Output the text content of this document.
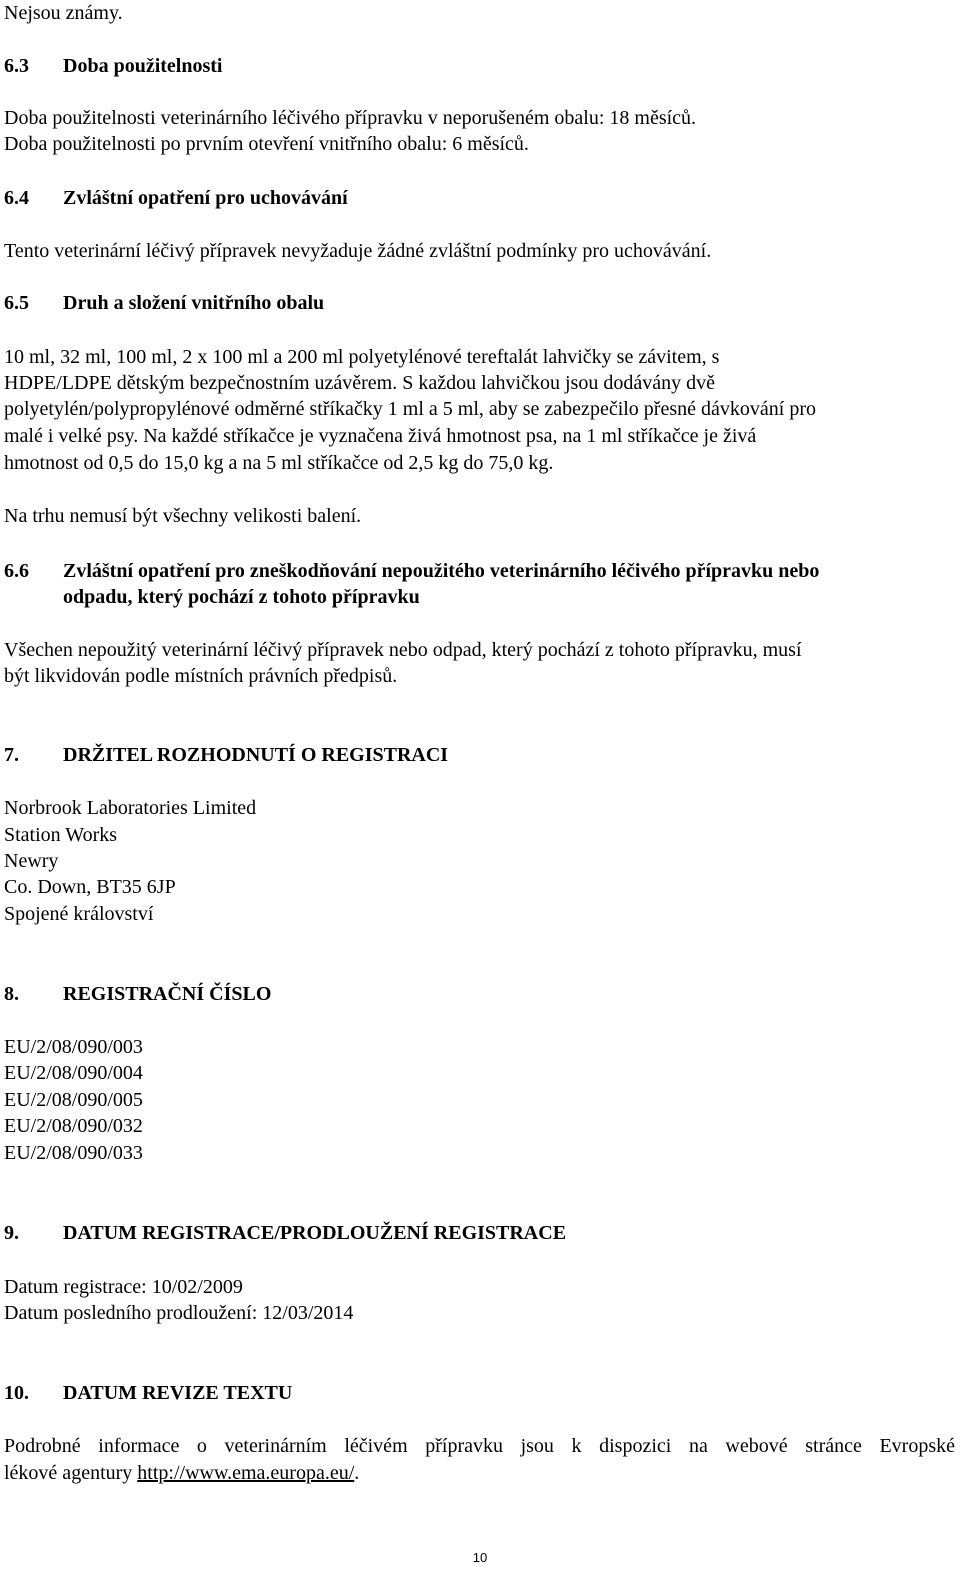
Nejsou známy.
6.3 Doba použitelnosti
Doba použitelnosti veterinárního léčivého přípravku v neporušeném obalu: 18 měsíců.
Doba použitelnosti po prvním otevření vnitřního obalu: 6 měsíců.
6.4 Zvláštní opatření pro uchovávání
Tento veterinární léčivý přípravek nevyžaduje žádné zvláštní podmínky pro uchovávání.
6.5 Druh a složení vnitřního obalu
10 ml, 32 ml, 100 ml, 2 x 100 ml a 200 ml polyetylénové tereftalát lahvičky se závitem, s
HDPE/LDPE dětským bezpečnostním uzávěrem. S každou lahvičkou jsou dodávány dvě
polyetylén/polypropylénové odměrné stříkačky 1 ml a 5 ml, aby se zabezpečilo přesné dávkování pro
malé i velké psy. Na každé stříkačce je vyznačena živá hmotnost psa, na 1 ml stříkačce je živá
hmotnost od 0,5 do 15,0 kg a na 5 ml stříkačce od 2,5 kg do 75,0 kg.
Na trhu nemusí být všechny velikosti balení.
6.6 Zvláštní opatření pro zneškodňování nepoužitého veterinárního léčivého přípravku nebo
odpadu, který pochází z tohoto přípravku
Všechen nepoužitý veterinární léčivý přípravek nebo odpad, který pochází z tohoto přípravku, musí
být likvidován podle místních právních předpisů.
7. DRŽITEL ROZHODNUTÍ O REGISTRACI
Norbrook Laboratories Limited
Station Works
Newry
Co. Down, BT35 6JP
Spojené království
8. REGISTRAČNÍ ČÍSLO
EU/2/08/090/003
EU/2/08/090/004
EU/2/08/090/005
EU/2/08/090/032
EU/2/08/090/033
9. DATUM REGISTRACE/PRODLOUŽENÍ REGISTRACE
Datum registrace: 10/02/2009
Datum posledního prodloužení: 12/03/2014
10. DATUM REVIZE TEXTU
Podrobné informace o veterinárním léčivém přípravku jsou k dispozici na webové stránce Evropské
lékové agentury http://www.ema.europa.eu/.
10
